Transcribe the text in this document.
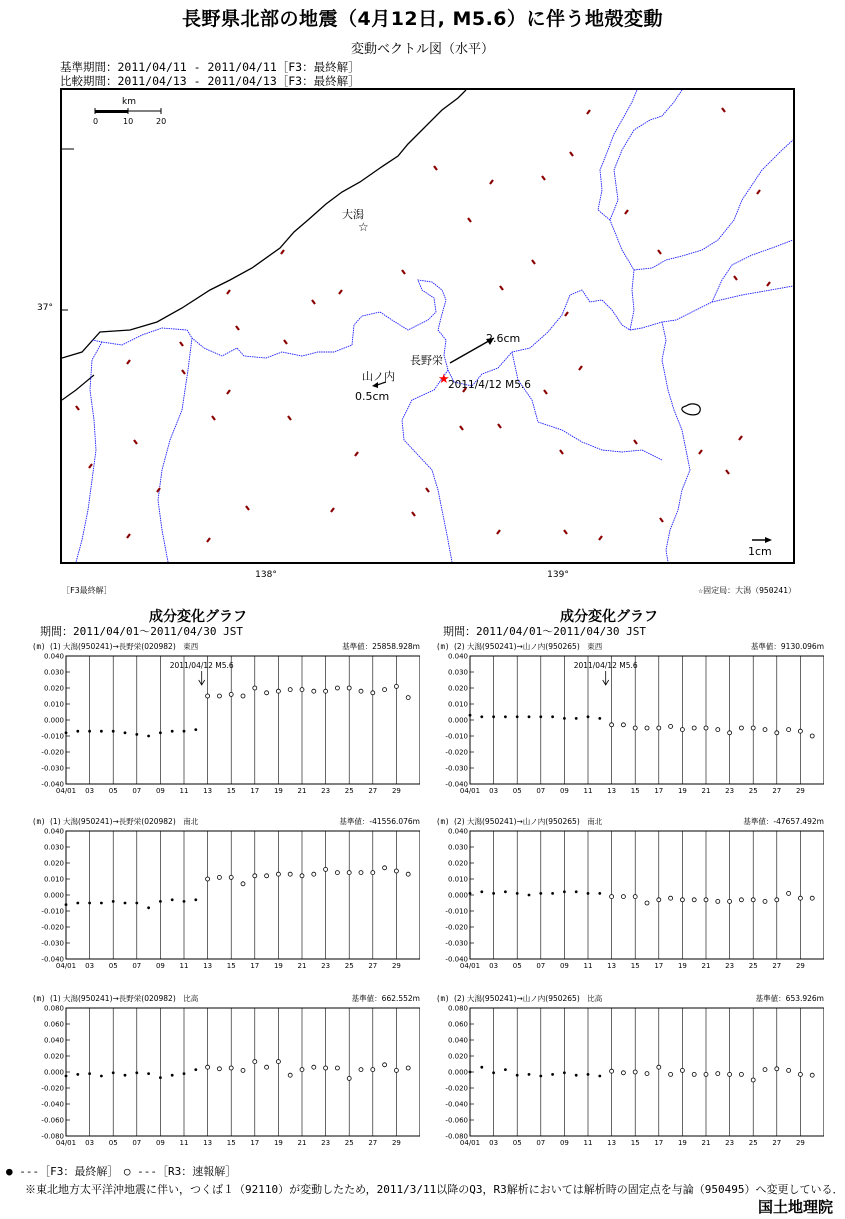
長野県北部の地震（4月12日, M5.6）に伴う地殻変動
変動ベクトル図（水平）
基準期間：2011/04/11 - 2011/04/11［F3：最終解］
比較期間：2011/04/13 - 2011/04/13［F3：最終解］
km
0	10	20
★
☆
大潟
長野栄
2.6cm
山ノ内
0.5cm
2011/4/12 M5.6
1cm
37°
138°	139°
［F3最終解］	☆固定局：大潟（950241）
成分変化グラフ
期間：2011/04/01～2011/04/30 JST
成分変化グラフ
期間：2011/04/01～2011/04/30 JST
(m) (1) 大潟(950241)→長野栄(020982)　東西	基準値：25858.928m
04/01 03 05 07 09 11 13 15 17 19 21 23 25 27 29
-0.040
-0.030
-0.020
-0.010
0.000
0.010
0.020
0.030
0.040
2011/04/12 M5.6
(m) (2) 大潟(950241)→山ノ内(950265)　東西	基準値：9130.096m
04/01 03 05 07 09 11 13 15 17 19 21 23 25 27 29
-0.040
-0.030
-0.020
-0.010
0.000
0.010
0.020
0.030
0.040
2011/04/12 M5.6
(m) (1) 大潟(950241)→長野栄(020982)　南北	基準値：-41556.076m
04/01 03 05 07 09 11 13 15 17 19 21 23 25 27 29
-0.040
-0.030
-0.020
-0.010
0.000
0.010
0.020
0.030
0.040
(m) (2) 大潟(950241)→山ノ内(950265)　南北	基準値：-47657.492m
04/01 03 05 07 09 11 13 15 17 19 21 23 25 27 29
-0.040
-0.030
-0.020
-0.010
0.000
0.010
0.020
0.030
0.040
(m) (1) 大潟(950241)→長野栄(020982)　比高	基準値：662.552m
04/01 03 05 07 09 11 13 15 17 19 21 23 25 27 29
-0.080
-0.060
-0.040
-0.020
0.000
0.020
0.040
0.060
0.080
(m) (2) 大潟(950241)→山ノ内(950265)　比高	基準値：653.926m
04/01 03 05 07 09 11 13 15 17 19 21 23 25 27 29
-0.080
-0.060
-0.040
-0.020
0.000
0.020
0.040
0.060
0.080
● ---［F3：最終解］　○ ---［R3：速報解］
※東北地方太平洋沖地震に伴い，つくば１（92110）が変動したため，2011/3/11以降のQ3，R3解析においては解析時の固定点を与論（950495）へ変更している．
国土地理院
